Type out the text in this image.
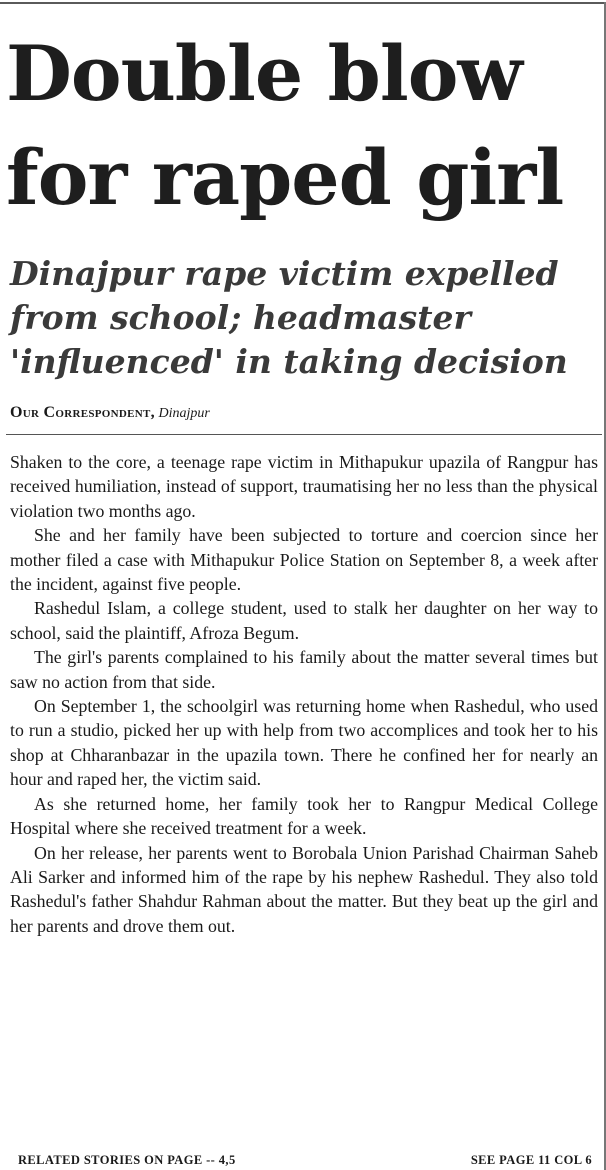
Double blow
for raped girl
Dinajpur rape victim expelled
from school; headmaster
'influenced' in taking decision
Our Correspondent, Dinajpur

Shaken to the core, a teenage rape victim in Mithapukur upazila of Rangpur has received humiliation, instead of support, traumatising her no less than the physical violation two months ago.

She and her family have been subjected to torture and coercion since her mother filed a case with Mithapukur Police Station on September 8, a week after the incident, against five people.

Rashedul Islam, a college student, used to stalk her daughter on her way to school, said the plaintiff, Afroza Begum.

The girl's parents complained to his family about the matter several times but saw no action from that side.

On September 1, the schoolgirl was returning home when Rashedul, who used to run a studio, picked her up with help from two accomplices and took her to his shop at Chharanbazar in the upazila town. There he confined her for nearly an hour and raped her, the victim said.

As she returned home, her family took her to Rangpur Medical College Hospital where she received treatment for a week.

On her release, her parents went to Borobala Union Parishad Chairman Saheb Ali Sarker and informed him of the rape by his nephew Rashedul. They also told Rashedul's father Shahdur Rahman about the matter. But they beat up the girl and her parents and drove them out.

RELATED STORIES ON PAGE -- 4,5	SEE PAGE 11 COL 6
